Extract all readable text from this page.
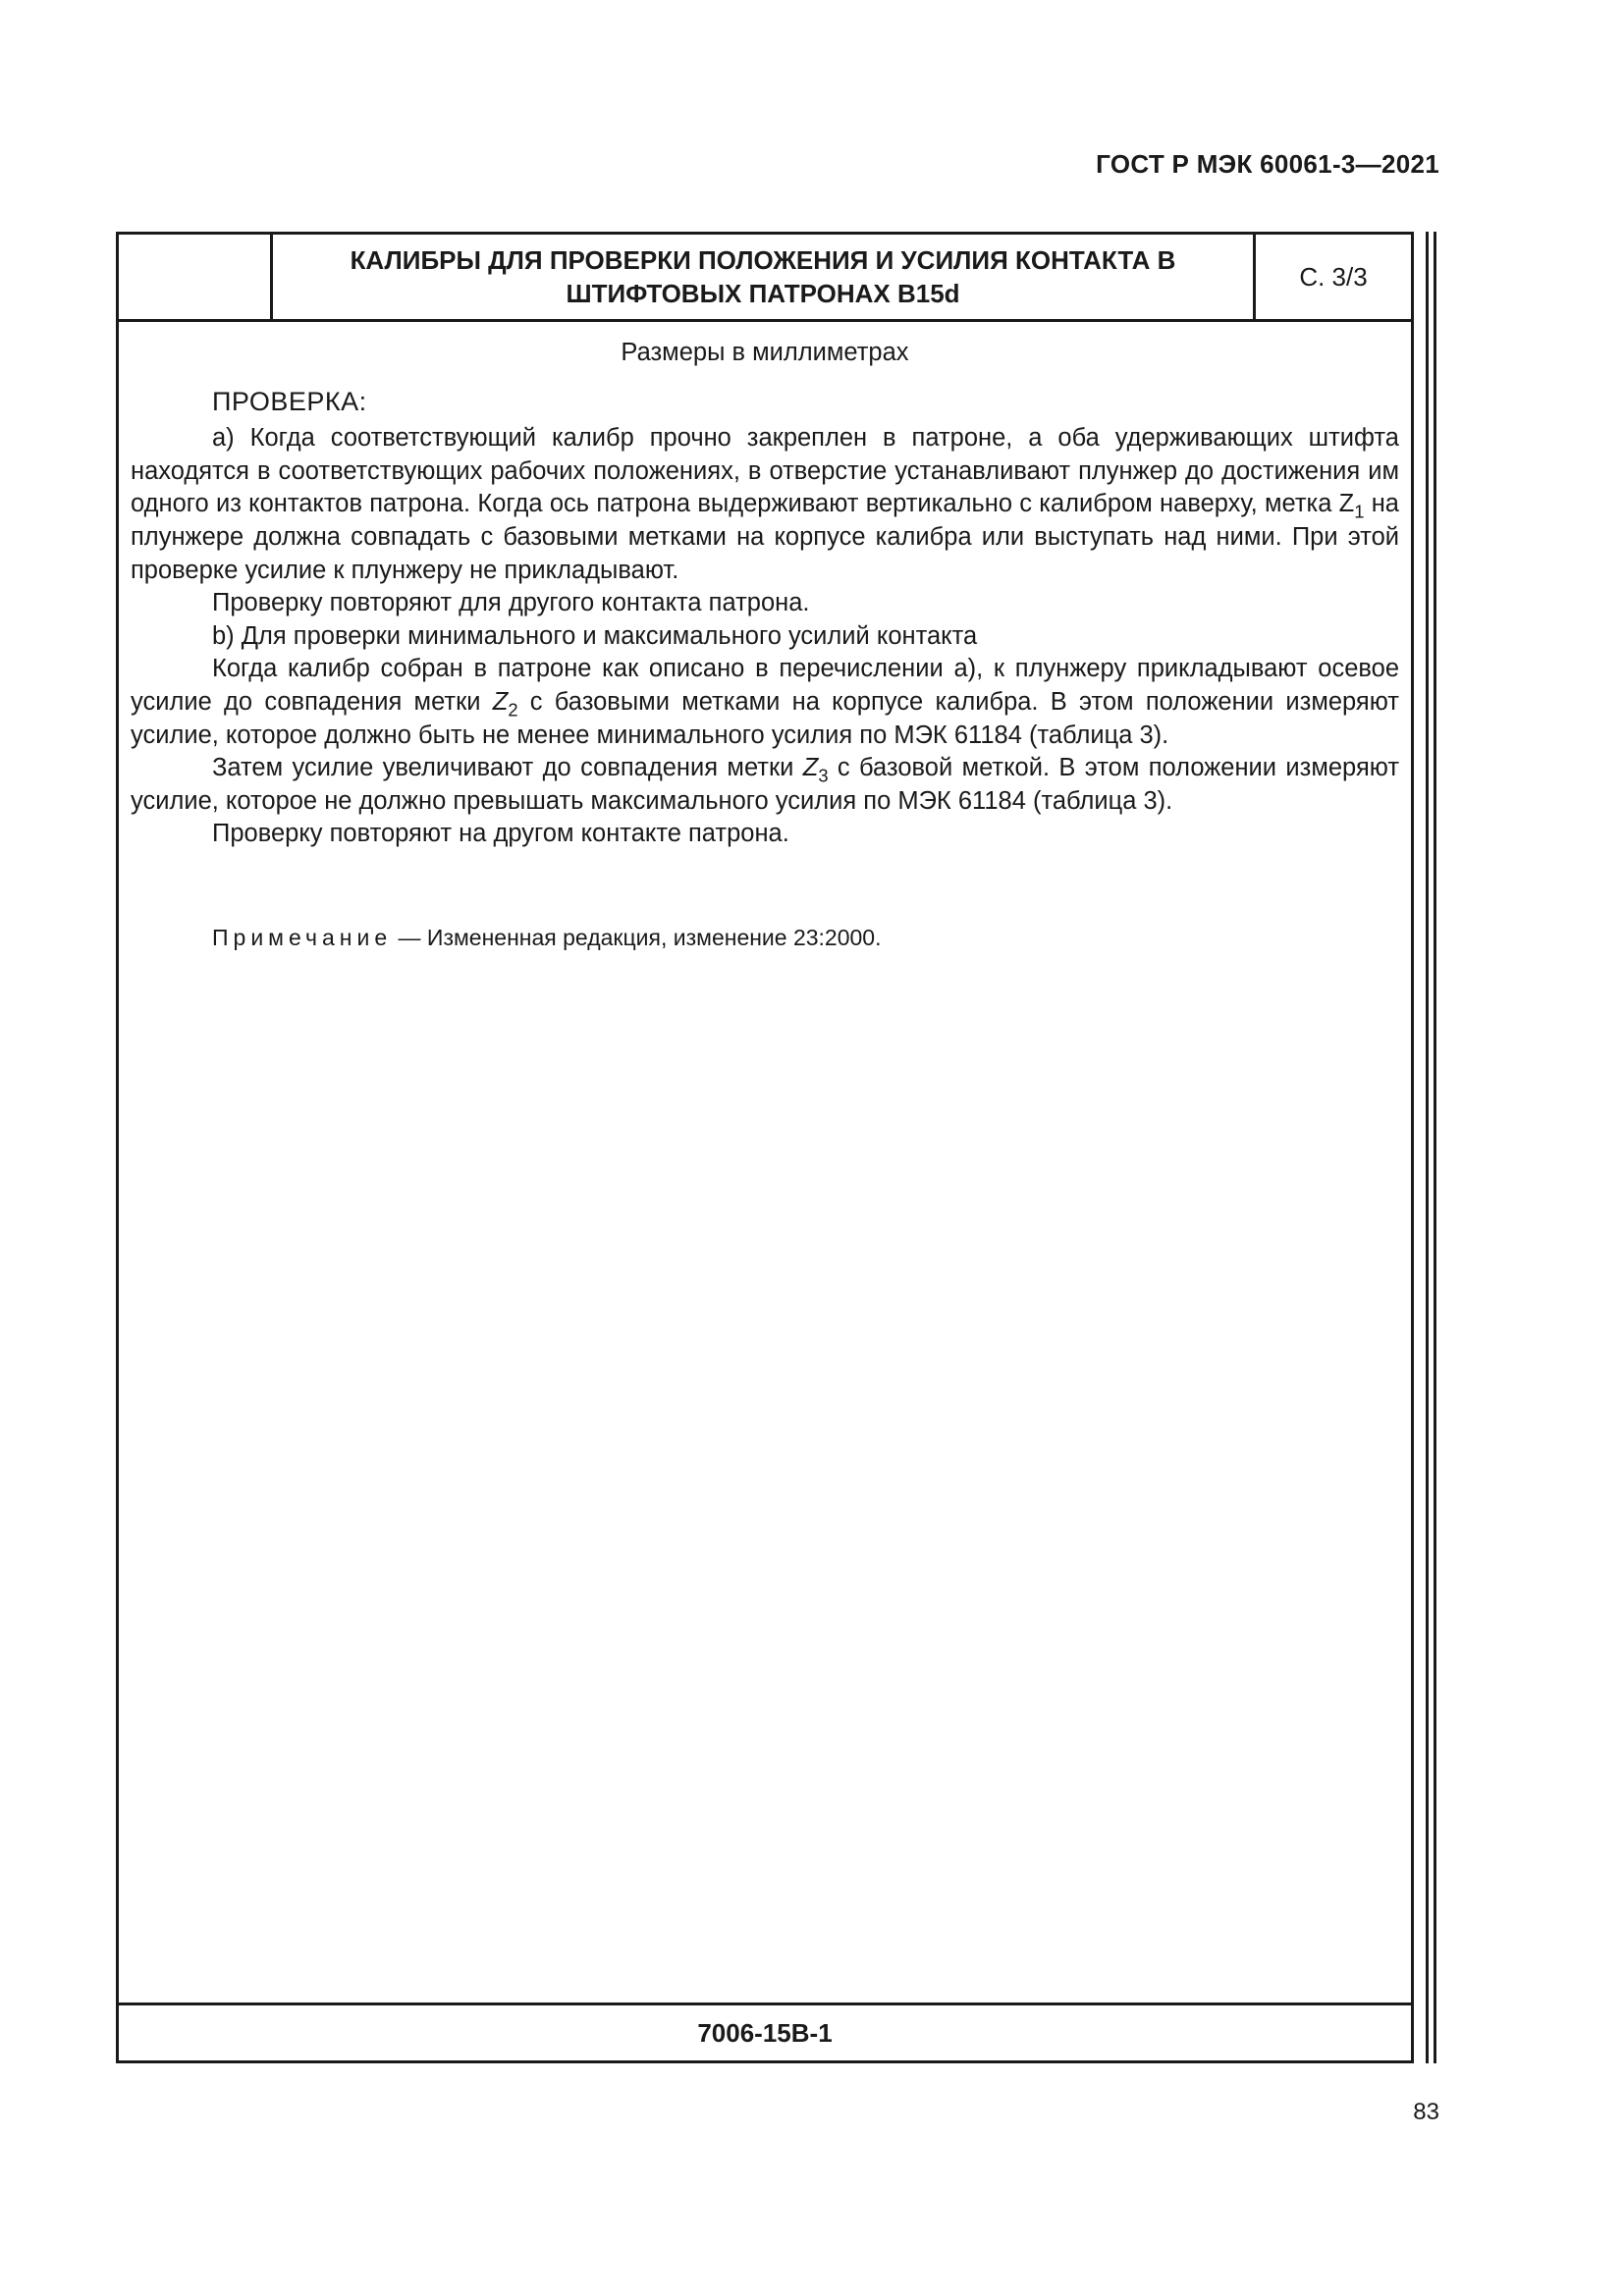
ГОСТ Р МЭК 60061-3—2021
КАЛИБРЫ ДЛЯ ПРОВЕРКИ ПОЛОЖЕНИЯ И УСИЛИЯ КОНТАКТА В ШТИФТОВЫХ ПАТРОНАХ В15d
С. 3/3
Размеры в миллиметрах
ПРОВЕРКА:

а) Когда соответствующий калибр прочно закреплен в патроне, а оба удерживающих штифта находятся в соответствующих рабочих положениях, в отверстие устанавливают плунжер до достижения им одного из контактов патрона. Когда ось патрона выдерживают вертикально с калибром наверху, метка $Z_1$ на плунжере должна совпадать с базовыми метками на корпусе калибра или выступать над ними. При этой проверке усилие к плунжеру не прикладывают.

Проверку повторяют для другого контакта патрона.

b) Для проверки минимального и максимального усилий контакта

Когда калибр собран в патроне как описано в перечислении а), к плунжеру прикладывают осевое усилие до совпадения метки $Z_2$ с базовыми метками на корпусе калибра. В этом положении измеряют усилие, которое должно быть не менее минимального усилия по МЭК 61184 (таблица 3).

Затем усилие увеличивают до совпадения метки $Z_3$ с базовой меткой. В этом положении измеряют усилие, которое не должно превышать максимального усилия по МЭК 61184 (таблица 3).

Проверку повторяют на другом контакте патрона.

Примечание — Измененная редакция, изменение 23:2000.
7006-15В-1
83
